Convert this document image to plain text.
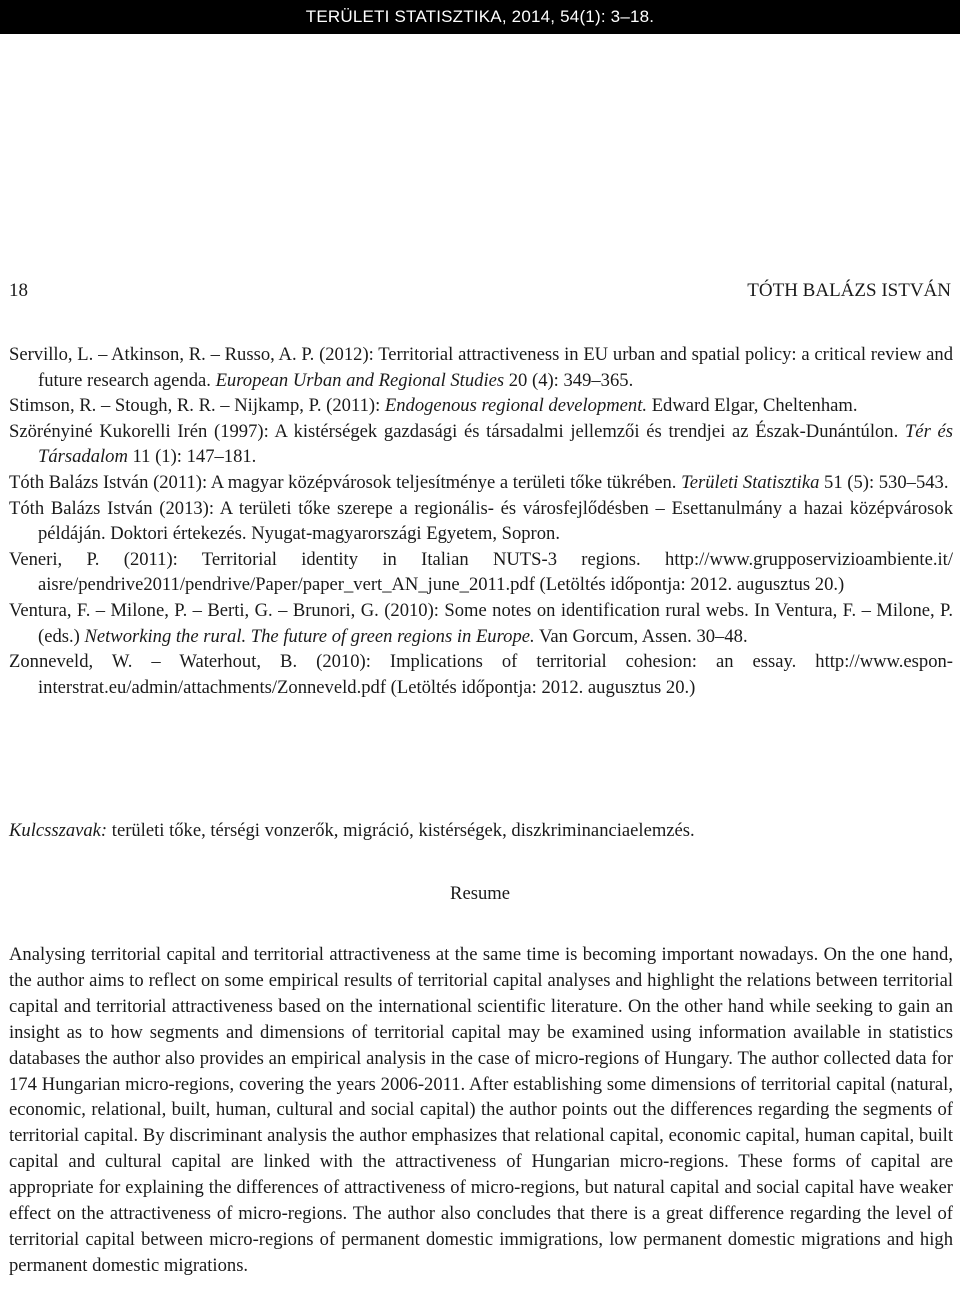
TERÜLETI STATISZTIKA, 2014, 54(1): 3–18.
18	TÓTH BALÁZS ISTVÁN

Servillo, L. – Atkinson, R. – Russo, A. P. (2012): Territorial attractiveness in EU urban and spatial policy: a critical review and future research agenda. European Urban and Regional Studies 20 (4): 349–365.

Stimson, R. – Stough, R. R. – Nijkamp, P. (2011): Endogenous regional development. Edward Elgar, Cheltenham.

Szörényiné Kukorelli Irén (1997): A kistérségek gazdasági és társadalmi jellemzői és trendjei az Észak-Dunántúlon. Tér és Társadalom 11 (1): 147–181.

Tóth Balázs István (2011): A magyar középvárosok teljesítménye a területi tőke tükrében. Területi Statisztika 51 (5): 530–543.

Tóth Balázs István (2013): A területi tőke szerepe a regionális- és városfejlődésben – Esettanulmány a hazai középvárosok példáján. Doktori értekezés. Nyugat-magyarországi Egyetem, Sopron.

Veneri, P. (2011): Territorial identity in Italian NUTS-3 regions. http://www.grupposervizioambiente.it/ aisre/pendrive2011/pendrive/Paper/paper_vert_AN_june_2011.pdf (Letöltés időpontja: 2012. augusztus 20.)

Ventura, F. – Milone, P. – Berti, G. – Brunori, G. (2010): Some notes on identification rural webs. In Ventura, F. – Milone, P. (eds.) Networking the rural. The future of green regions in Europe. Van Gorcum, Assen. 30–48.

Zonneveld, W. – Waterhout, B. (2010): Implications of territorial cohesion: an essay. http://www.espon-interstrat.eu/admin/attachments/Zonneveld.pdf (Letöltés időpontja: 2012. augusztus 20.)

Kulcsszavak: területi tőke, térségi vonzerők, migráció, kistérségek, diszkriminanciaelemzés.
Resume

Analysing territorial capital and territorial attractiveness at the same time is becoming important nowadays. On the one hand, the author aims to reflect on some empirical results of territorial capital analyses and highlight the relations between territorial capital and territorial attractiveness based on the international scientific literature. On the other hand while seeking to gain an insight as to how segments and dimensions of territorial capital may be examined using information available in statistics databases the author also provides an empirical analysis in the case of micro-regions of Hungary. The author collected data for 174 Hungarian micro-regions, covering the years 2006-2011. After establishing some dimensions of territorial capital (natural, economic, relational, built, human, cultural and social capital) the author points out the differences regarding the segments of territorial capital. By discriminant analysis the author emphasizes that relational capital, economic capital, human capital, built capital and cultural capital are linked with the attractiveness of Hungarian micro-regions. These forms of capital are appropriate for explaining the differences of attractiveness of micro-regions, but natural capital and social capital have weaker effect on the attractiveness of micro-regions. The author also concludes that there is a great difference regarding the level of territorial capital between micro-regions of permanent domestic immigrations, low permanent domestic migrations and high permanent domestic migrations.
